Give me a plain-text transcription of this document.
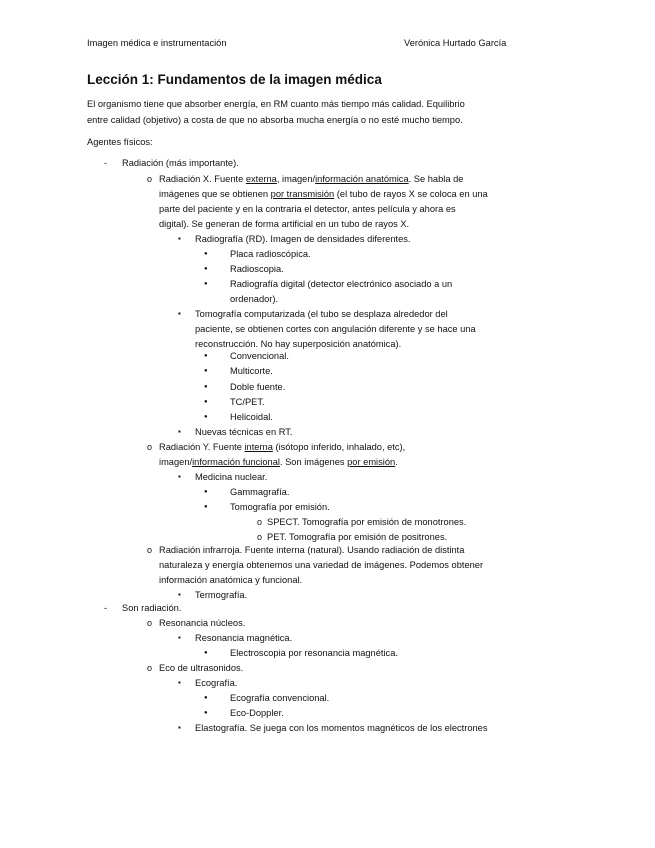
Imagen médica e instrumentación	Verónica Hurtado García
Lección 1: Fundamentos de la imagen médica
El organismo tiene que absorber energía, en RM cuanto más tiempo más calidad. Equilibrio
entre calidad (objetivo) a costa de que no absorba mucha energía o no esté mucho tiempo.
Agentes físicos:
- Radiación (más importante).
o Radiación X. Fuente externa, imagen/información anatómica. Se habla de
imágenes que se obtienen por transmisión (el tubo de rayos X se coloca en una
parte del paciente y en la contraria el detector, antes película y ahora es
digital). Se generan de forma artificial en un tubo de rayos X.
▪ Radiografía (RD). Imagen de densidades diferentes.
● Placa radioscópica.
● Radioscopia.
● Radiografía digital (detector electrónico asociado a un
ordenador).
▪ Tomografía computarizada (el tubo se desplaza alrededor del
paciente, se obtienen cortes con angulación diferente y se hace una
reconstrucción. No hay superposición anatómica).
● Convencional.
● Multicorte.
● Doble fuente.
● TC/PET.
● Helicoidal.
▪ Nuevas técnicas en RT.
o Radiación Y. Fuente interna (isótopo inferido, inhalado, etc),
imagen/información funcional. Son imágenes por emisión.
▪ Medicina nuclear.
● Gammagrafía.
● Tomografía por emisión.
o SPECT. Tomografía por emisión de monotrones.
o PET. Tomografía por emisión de positrones.
o Radiación infrarroja. Fuente interna (natural). Usando radiación de distinta
naturaleza y energía obtenemos una variedad de imágenes. Podemos obtener
información anatómica y funcional.
▪ Termografía.
- Son radiación.
o Resonancia núcleos.
▪ Resonancia magnética.
● Electroscopia por resonancia magnética.
o Eco de ultrasonidos.
▪ Ecografía.
● Ecografía convencional.
● Eco-Doppler.
▪ Elastografía. Se juega con los momentos magnéticos de los electrones
